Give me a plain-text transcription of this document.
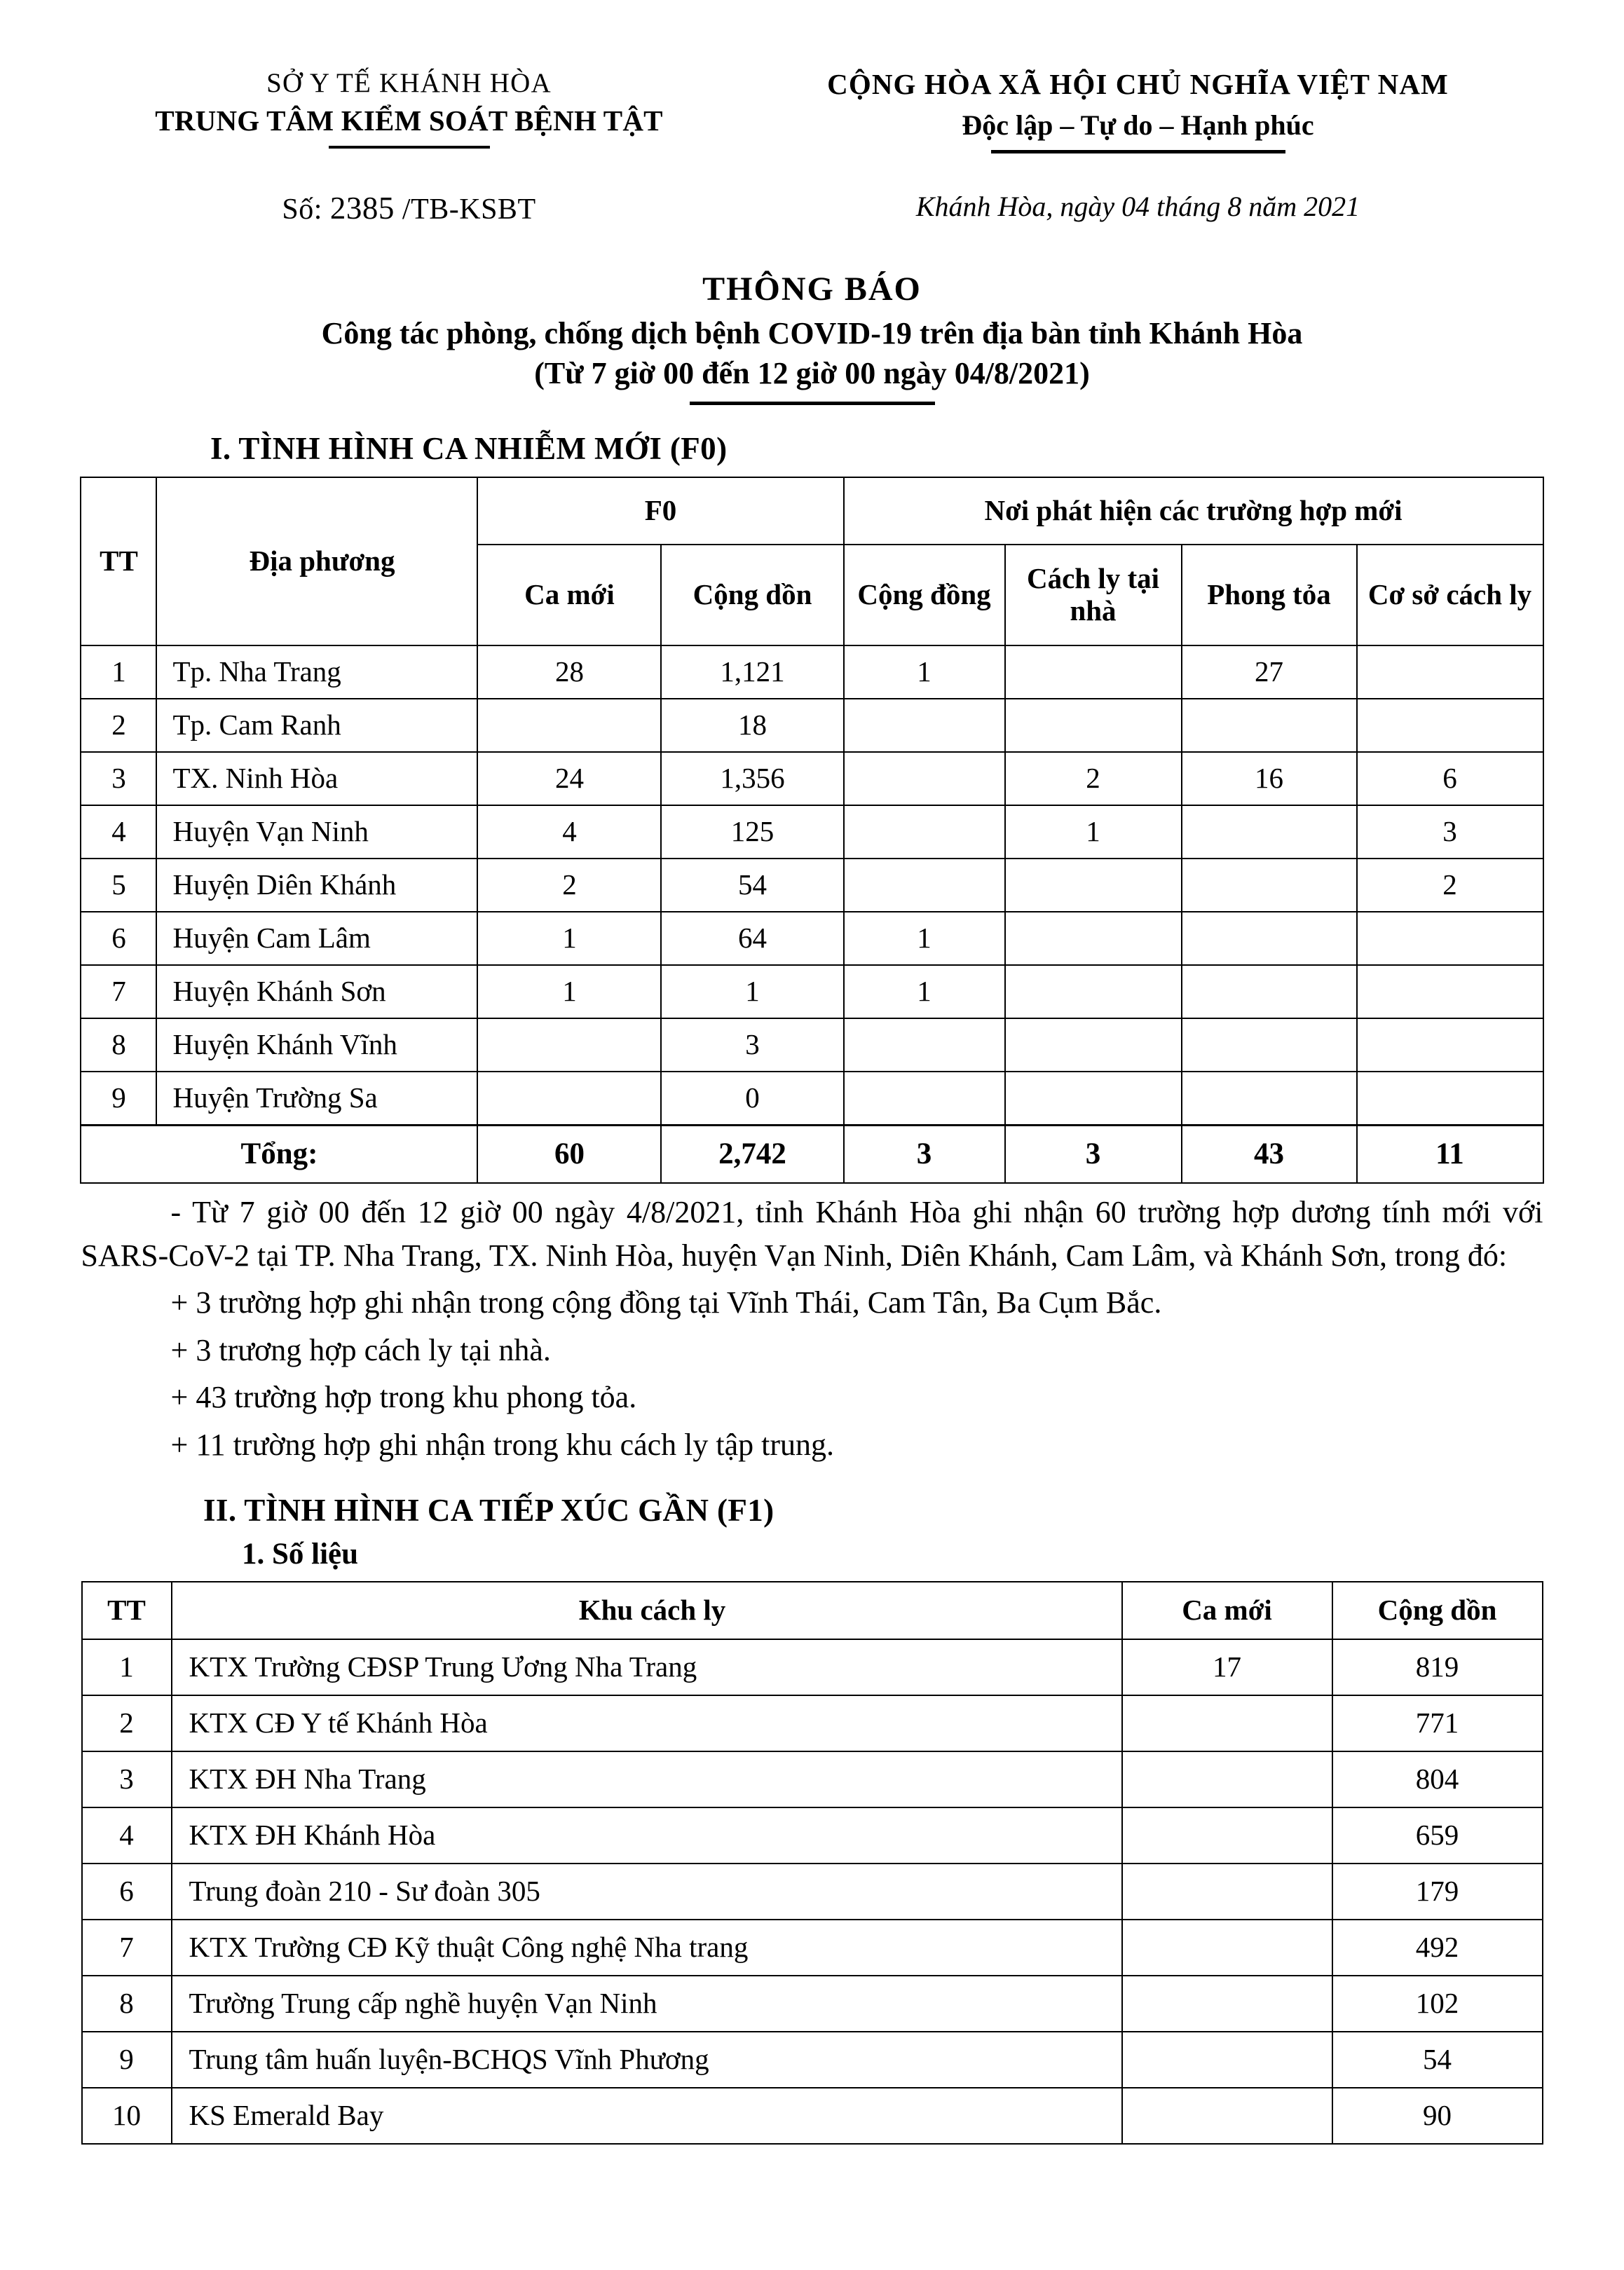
SỞ Y TẾ KHÁNH HÒA
TRUNG TÂM KIỂM SOÁT BỆNH TẬT
CỘNG HÒA XÃ HỘI CHỦ NGHĨA VIỆT NAM
Độc lập – Tự do – Hạnh phúc
Số: 2385 /TB-KSBT	Khánh Hòa, ngày 04 tháng 8 năm 2021
THÔNG BÁO
Công tác phòng, chống dịch bệnh COVID-19 trên địa bàn tỉnh Khánh Hòa
(Từ 7 giờ 00 đến 12 giờ 00 ngày 04/8/2021)
I. TÌNH HÌNH CA NHIỄM MỚI (F0)
TT	Địa phương	F0		Nơi phát hiện các trường hợp mới			
		Ca mới	Cộng dồn	Cộng đồng	Cách ly tại nhà	Phong tỏa	Cơ sở cách ly
1	Tp. Nha Trang	28	1,121	1		27	
2	Tp. Cam Ranh		18				
3	TX. Ninh Hòa	24	1,356		2	16	6
4	Huyện Vạn Ninh	4	125		1		3
5	Huyện Diên Khánh	2	54				2
6	Huyện Cam Lâm	1	64	1			
7	Huyện Khánh Sơn	1	1	1			
8	Huyện Khánh Vĩnh		3				
9	Huyện Trường Sa		0				
Tổng:		60	2,742	3	3	43	11
- Từ 7 giờ 00 đến 12 giờ 00 ngày 4/8/2021, tỉnh Khánh Hòa ghi nhận 60 trường hợp dương tính mới với SARS-CoV-2 tại TP. Nha Trang, TX. Ninh Hòa, huyện Vạn Ninh, Diên Khánh, Cam Lâm, và Khánh Sơn, trong đó:
+ 3 trường hợp ghi nhận trong cộng đồng tại Vĩnh Thái, Cam Tân, Ba Cụm Bắc.
+ 3 trương hợp cách ly tại nhà.
+ 43 trường hợp trong khu phong tỏa.
+ 11 trường hợp ghi nhận trong khu cách ly tập trung.
II. TÌNH HÌNH CA TIẾP XÚC GẦN (F1)
1. Số liệu
TT	Khu cách ly	Ca mới	Cộng dồn
1	KTX Trường CĐSP Trung Ương Nha Trang	17	819
2	KTX CĐ Y tế Khánh Hòa		771
3	KTX ĐH Nha Trang		804
4	KTX ĐH Khánh Hòa		659
6	Trung đoàn 210 - Sư đoàn 305		179
7	KTX Trường CĐ Kỹ thuật Công nghệ Nha trang		492
8	Trường Trung cấp nghề huyện Vạn Ninh		102
9	Trung tâm huấn luyện-BCHQS Vĩnh Phương		54
10	KS Emerald Bay		90
